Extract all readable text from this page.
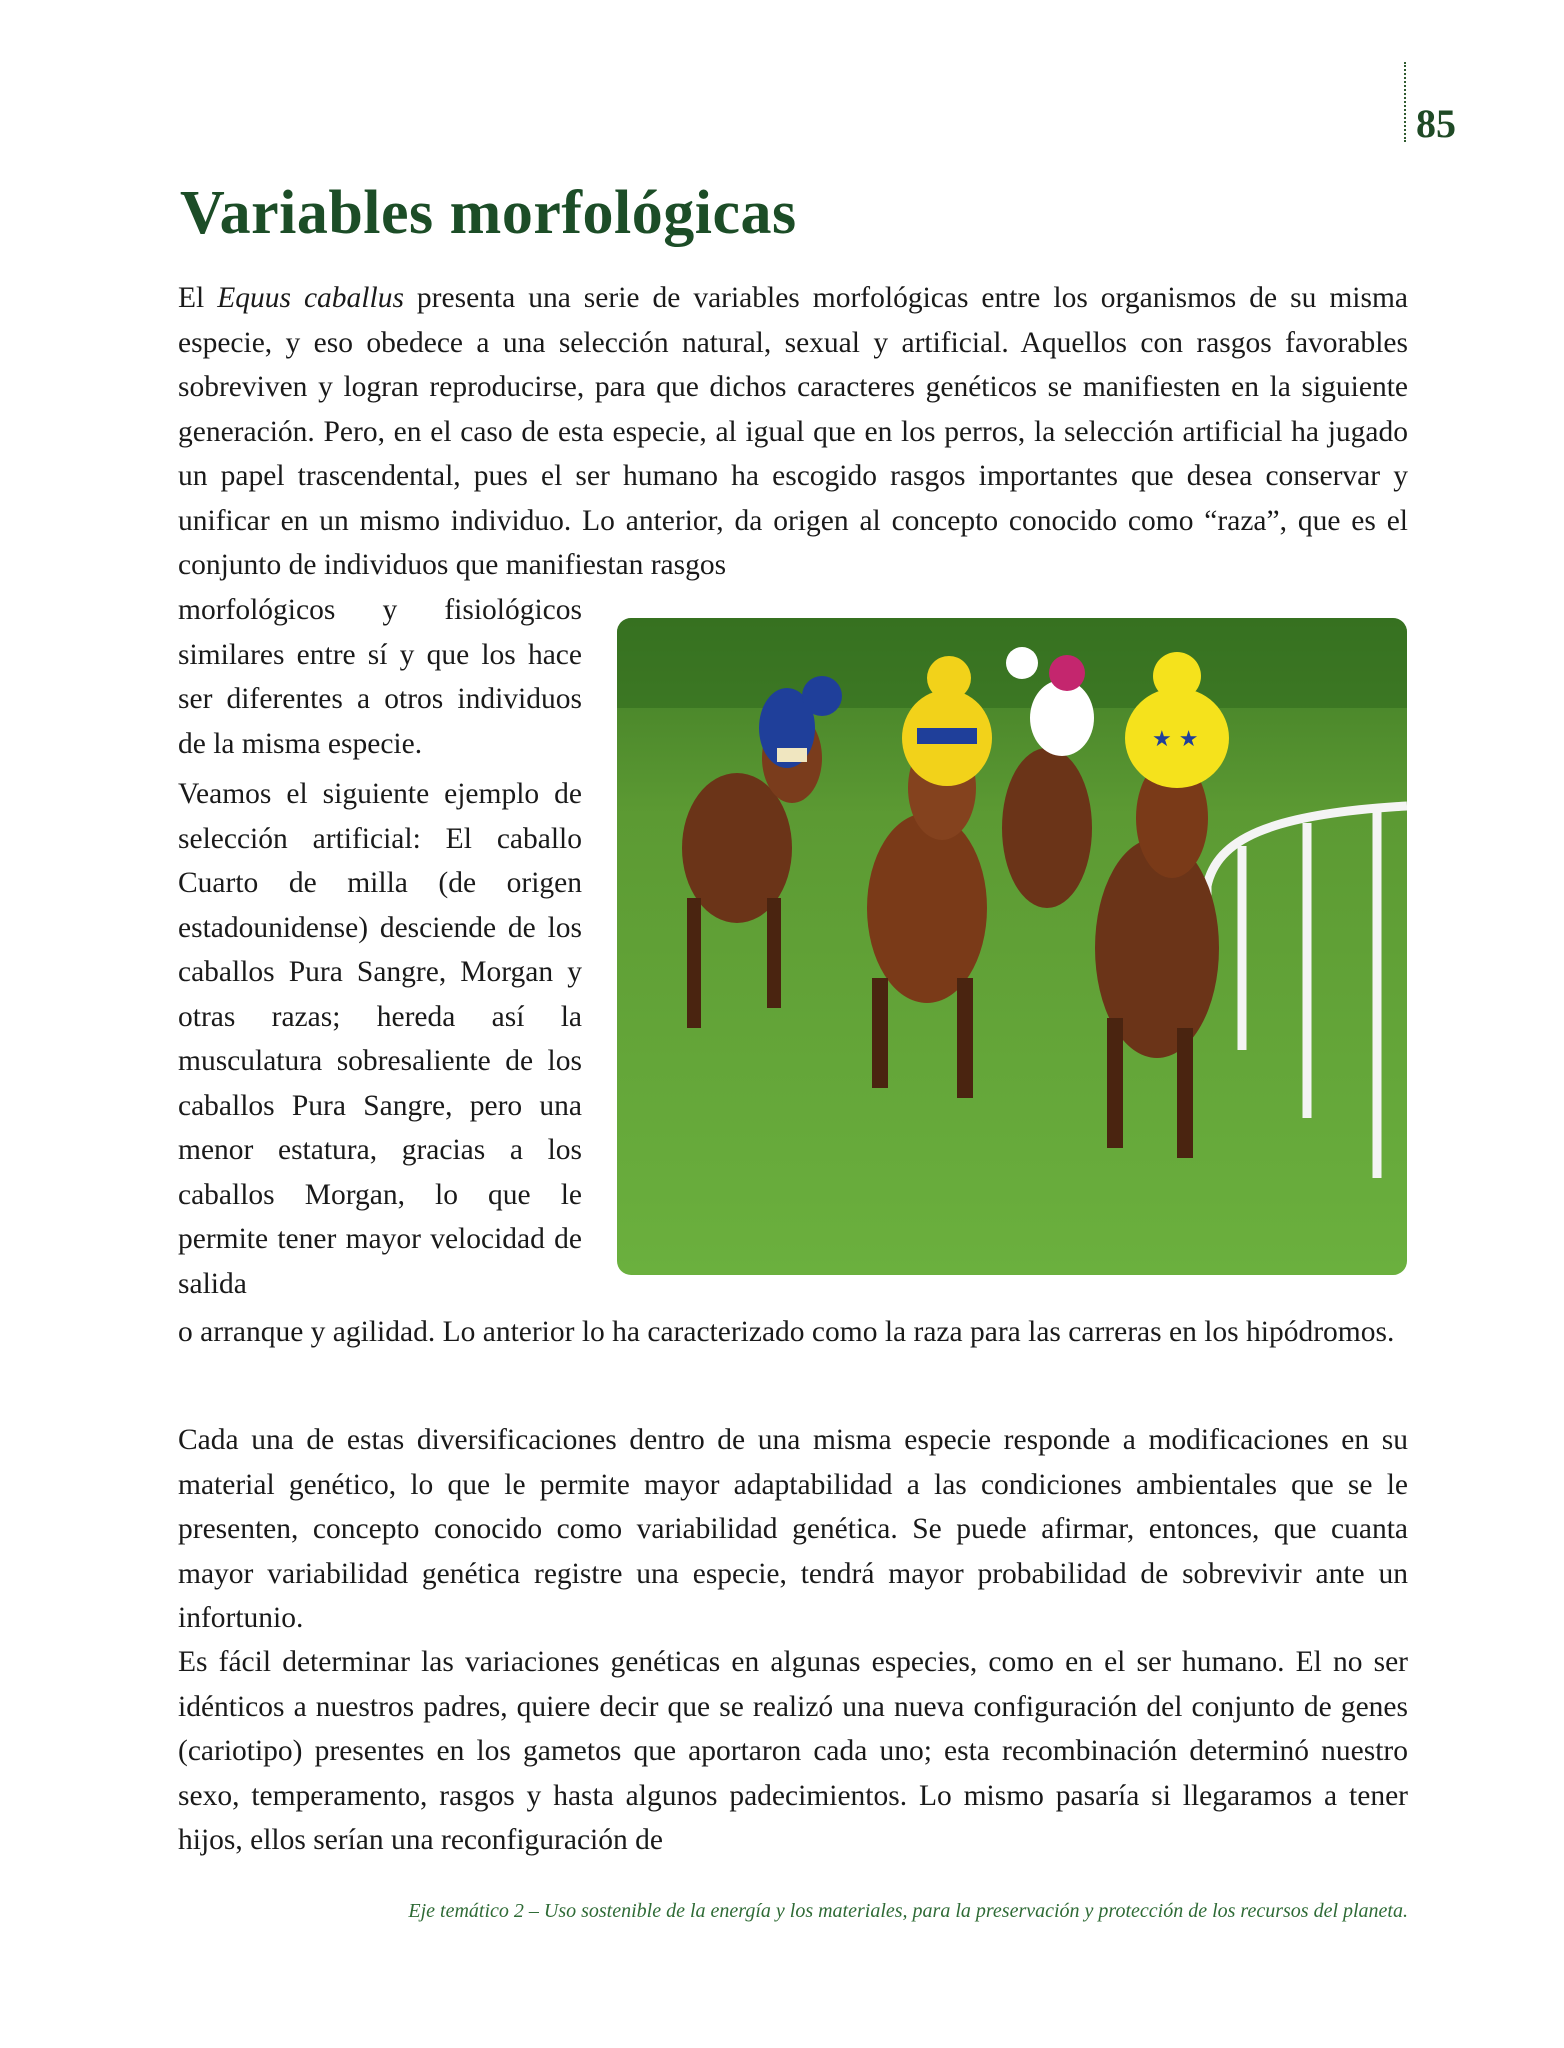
85
Variables morfológicas

El Equus caballus presenta una serie de variables morfológicas entre los organismos de su misma especie, y eso obedece a una selección natural, sexual y artificial. Aquellos con rasgos favorables sobreviven y logran reproducirse, para que dichos caracteres genéticos se manifiesten en la siguiente generación. Pero, en el caso de esta especie, al igual que en los perros, la selección artificial ha jugado un papel trascendental, pues el ser humano ha escogido rasgos importantes que desea conservar y unificar en un mismo individuo. Lo anterior, da origen al concepto conocido como “raza”, que es el conjunto de individuos que manifiestan rasgos

morfológicos y fisiológicos similares entre sí y que los hace ser diferentes a otros individuos de la misma especie.

Veamos el siguiente ejemplo de selección artificial: El caballo Cuarto de milla (de origen estadounidense) desciende de los caballos Pura Sangre, Morgan y otras razas; hereda así la musculatura sobresaliente de los caballos Pura Sangre, pero una menor estatura, gracias a los caballos Morgan, lo que le permite tener mayor velocidad de salida

o arranque y agilidad. Lo anterior lo ha caracterizado como la raza para las carreras en los hipódromos.

Cada una de estas diversificaciones dentro de una misma especie responde a modificaciones en su material genético, lo que le permite mayor adaptabilidad a las condiciones ambientales que se le presenten, concepto conocido como variabilidad genética. Se puede afirmar, entonces, que cuanta mayor variabilidad genética registre una especie, tendrá mayor probabilidad de sobrevivir ante un infortunio.

Es fácil determinar las variaciones genéticas en algunas especies, como en el ser humano. El no ser idénticos a nuestros padres, quiere decir que se realizó una nueva configuración del conjunto de genes (cariotipo) presentes en los gametos que aportaron cada uno; esta recombinación determinó nuestro sexo, temperamento, rasgos y hasta algunos padecimientos. Lo mismo pasaría si llegaramos a tener hijos, ellos serían una reconfiguración de

★ ★
Eje temático 2 – Uso sostenible de la energía y los materiales, para la preservación y protección de los recursos del planeta.
